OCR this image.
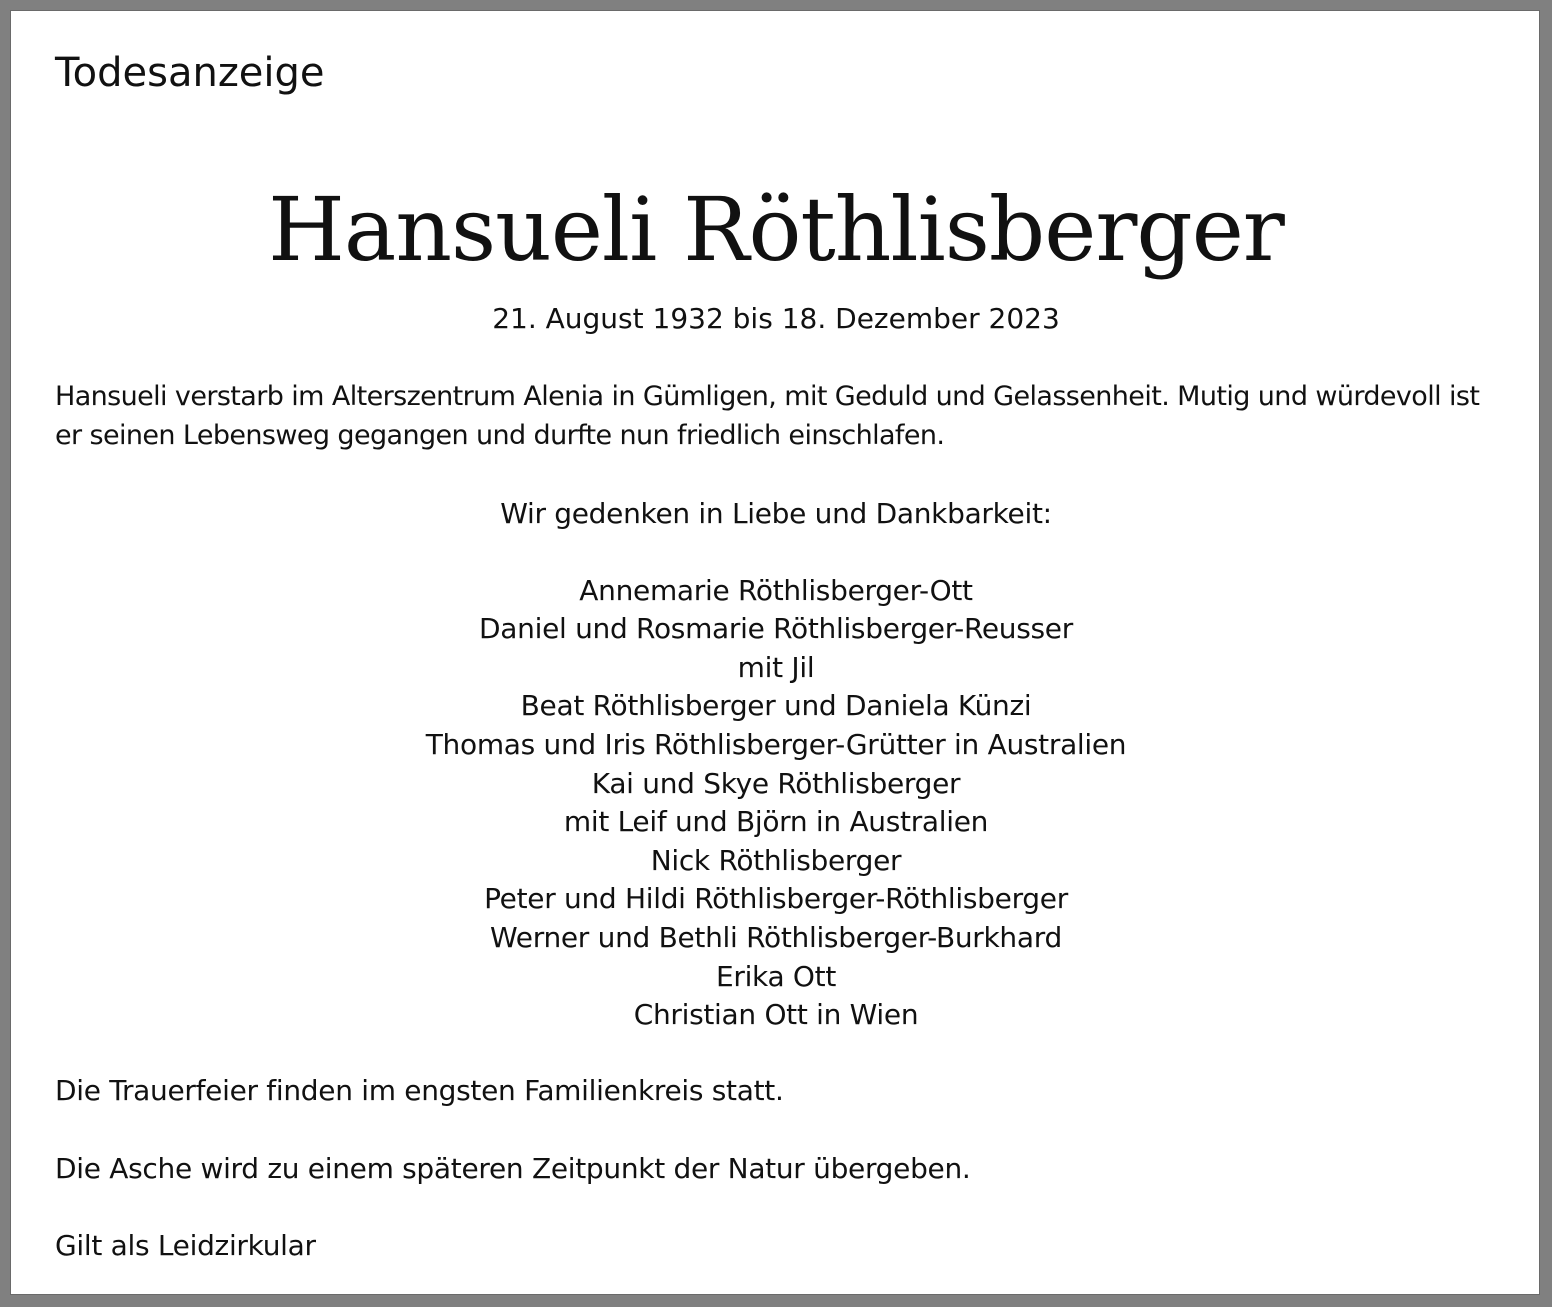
Todesanzeige
Hansueli Röthlisberger
21. August 1932 bis 18. Dezember 2023
Hansueli verstarb im Alterszentrum Alenia in Gümligen, mit Geduld und Gelassenheit. Mutig und würdevoll ist
er seinen Lebensweg gegangen und durfte nun friedlich einschlafen.
Wir gedenken in Liebe und Dankbarkeit:
Annemarie Röthlisberger-Ott
Daniel und Rosmarie Röthlisberger-Reusser
mit Jil
Beat Röthlisberger und Daniela Künzi
Thomas und Iris Röthlisberger-Grütter in Australien
Kai und Skye Röthlisberger
mit Leif und Björn in Australien
Nick Röthlisberger
Peter und Hildi Röthlisberger-Röthlisberger
Werner und Bethli Röthlisberger-Burkhard
Erika Ott
Christian Ott in Wien
Die Trauerfeier finden im engsten Familienkreis statt.
Die Asche wird zu einem späteren Zeitpunkt der Natur übergeben.
Gilt als Leidzirkular
